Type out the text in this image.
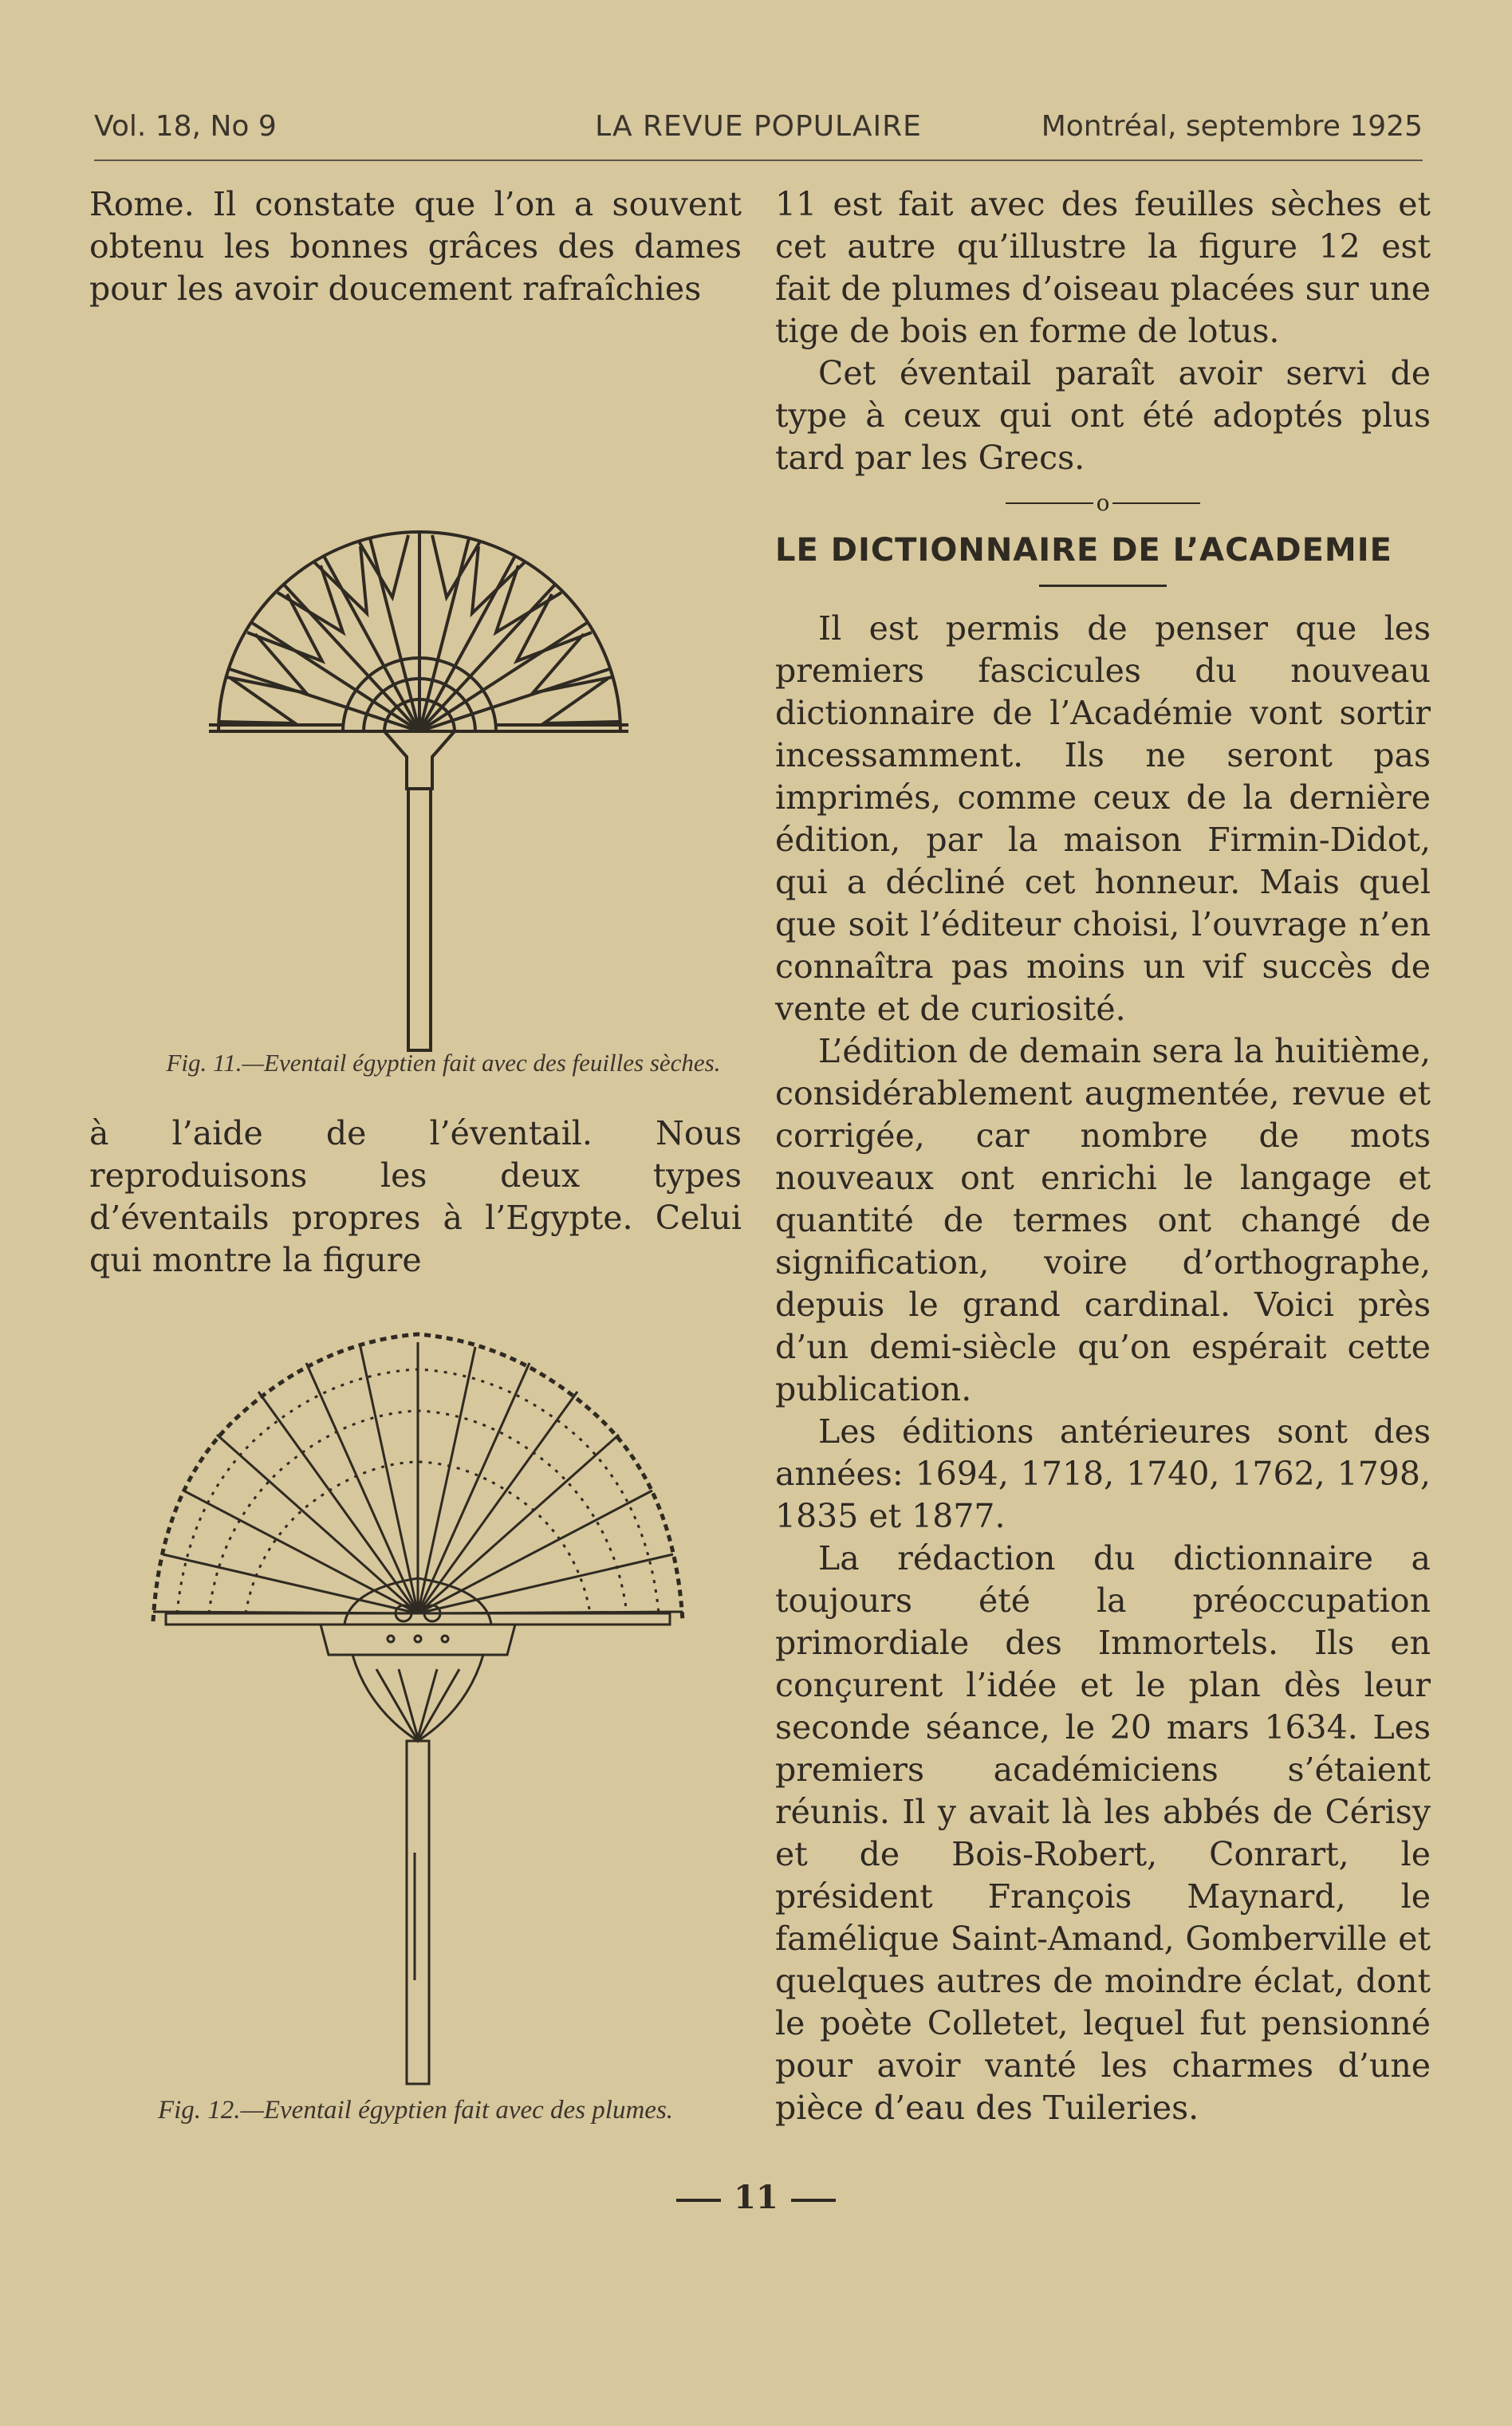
Vol. 18, No 9	LA REVUE POPULAIRE	Montréal, septembre 1925

Rome. Il constate que l’on a souvent obtenu les bonnes grâces des dames pour les avoir doucement rafraîchies

Fig. 11.—Eventail égyptien fait avec des feuilles sèches.

à l’aide de l’éventail. Nous reproduisons les deux types d’éventails propres à l’Egypte. Celui qui montre la figure

Fig. 12.—Eventail égyptien fait avec des plumes.

11 est fait avec des feuilles sèches et cet autre qu’illustre la figure 12 est fait de plumes d’oiseau placées sur une tige de bois en forme de lotus.

Cet éventail paraît avoir servi de type à ceux qui ont été adoptés plus tard par les Grecs.

o
LE DICTIONNAIRE DE L’ACADEMIE

Il est permis de penser que les premiers fascicules du nouveau dictionnaire de l’Académie vont sortir incessamment. Ils ne seront pas imprimés, comme ceux de la dernière édition, par la maison Firmin-Didot, qui a décliné cet honneur. Mais quel que soit l’éditeur choisi, l’ouvrage n’en connaîtra pas moins un vif succès de vente et de curiosité.

L’édition de demain sera la huitième, considérablement augmentée, revue et corrigée, car nombre de mots nouveaux ont enrichi le langage et quantité de termes ont changé de signification, voire d’orthographe, depuis le grand cardinal. Voici près d’un demi-siècle qu’on espérait cette publication.

Les éditions antérieures sont des années: 1694, 1718, 1740, 1762, 1798, 1835 et 1877.

La rédaction du dictionnaire a toujours été la préoccupation primordiale des Immortels. Ils en conçurent l’idée et le plan dès leur seconde séance, le 20 mars 1634. Les premiers académiciens s’étaient réunis. Il y avait là les abbés de Cérisy et de Bois-Robert, Conrart, le président François Maynard, le famélique Saint-Amand, Gomberville et quelques autres de moindre éclat, dont le poète Colletet, lequel fut pensionné pour avoir vanté les charmes d’une pièce d’eau des Tuileries.

11
